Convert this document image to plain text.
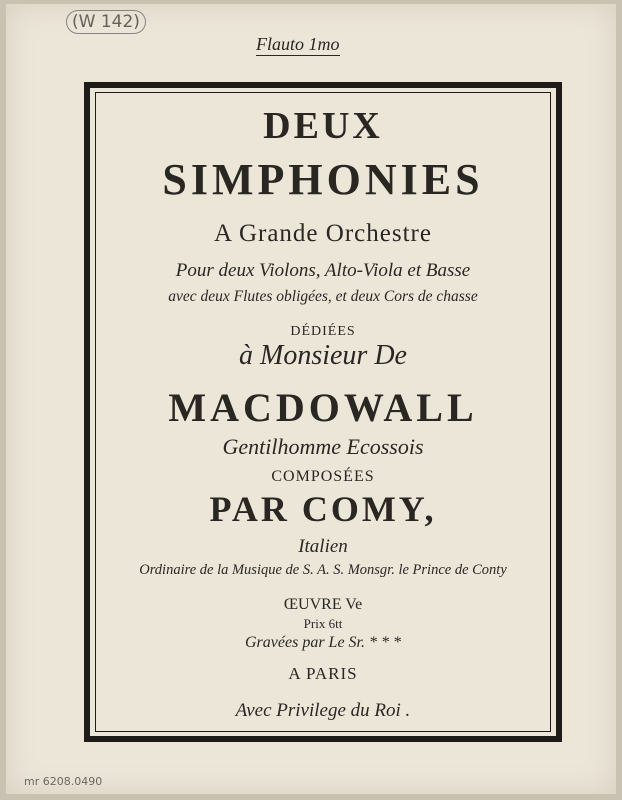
(W 142)
Flauto 1mo
DEUX
SIMPHONIES
A Grande Orchestre
Pour deux Violons, Alto-Viola et Basse
avec deux Flutes obligées, et deux Cors de chasse
DÉDIÉES
à Monsieur De
MACDOWALL
Gentilhomme Ecossois
COMPOSÉES
PAR COMY,
Italien
Ordinaire de la Musique de S. A. S. Monsgr. le Prince de Conty
ŒUVRE Ve
Prix 6tt
Gravées par Le Sr. * * *
A PARIS
Avec Privilege du Roi .
mr 6208.0490
